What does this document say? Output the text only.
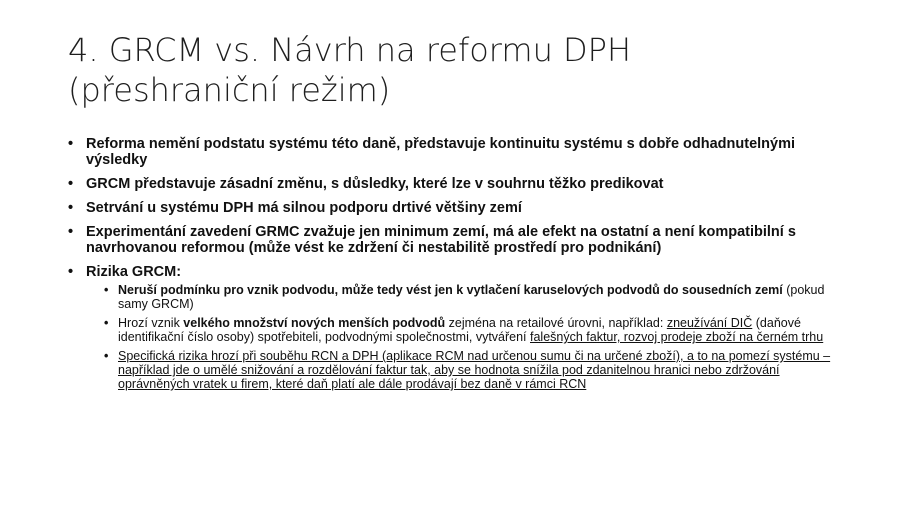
4. GRCM vs. Návrh na reformu DPH
(přeshraniční režim)
• Reforma nemění podstatu systému této daně, představuje kontinuitu systému s dobře odhadnutelnými výsledky
• GRCM představuje zásadní změnu, s důsledky, které lze v souhrnu těžko predikovat
• Setrvání u systému DPH má silnou podporu drtivé většiny zemí
• Experimentání zavedení GRMC zvažuje jen minimum zemí, má ale efekt na ostatní a není kompatibilní s navrhovanou reformou (může vést ke zdržení či nestabilitě prostředí pro podnikání)
• Rizika GRCM:
• Neruší podmínku pro vznik podvodu, může tedy vést jen k vytlačení karuselových podvodů do sousedních zemí (pokud samy GRCM)
• Hrozí vznik velkého množství nových menších podvodů zejména na retailové úrovni, například: zneužívání DIČ (daňové identifikační číslo osoby) spotřebiteli, podvodnými společnostmi, vytváření falešných faktur, rozvoj prodeje zboží na černém trhu
• Specifická rizika hrozí při souběhu RCN a DPH (aplikace RCM nad určenou sumu či na určené zboží), a to na pomezí systému – například jde o umělé snižování a rozdělování faktur tak, aby se hodnota snížila pod zdanitelnou hranici nebo zdržování oprávněných vratek u firem, které daň platí ale dále prodávají bez daně v rámci RCN
